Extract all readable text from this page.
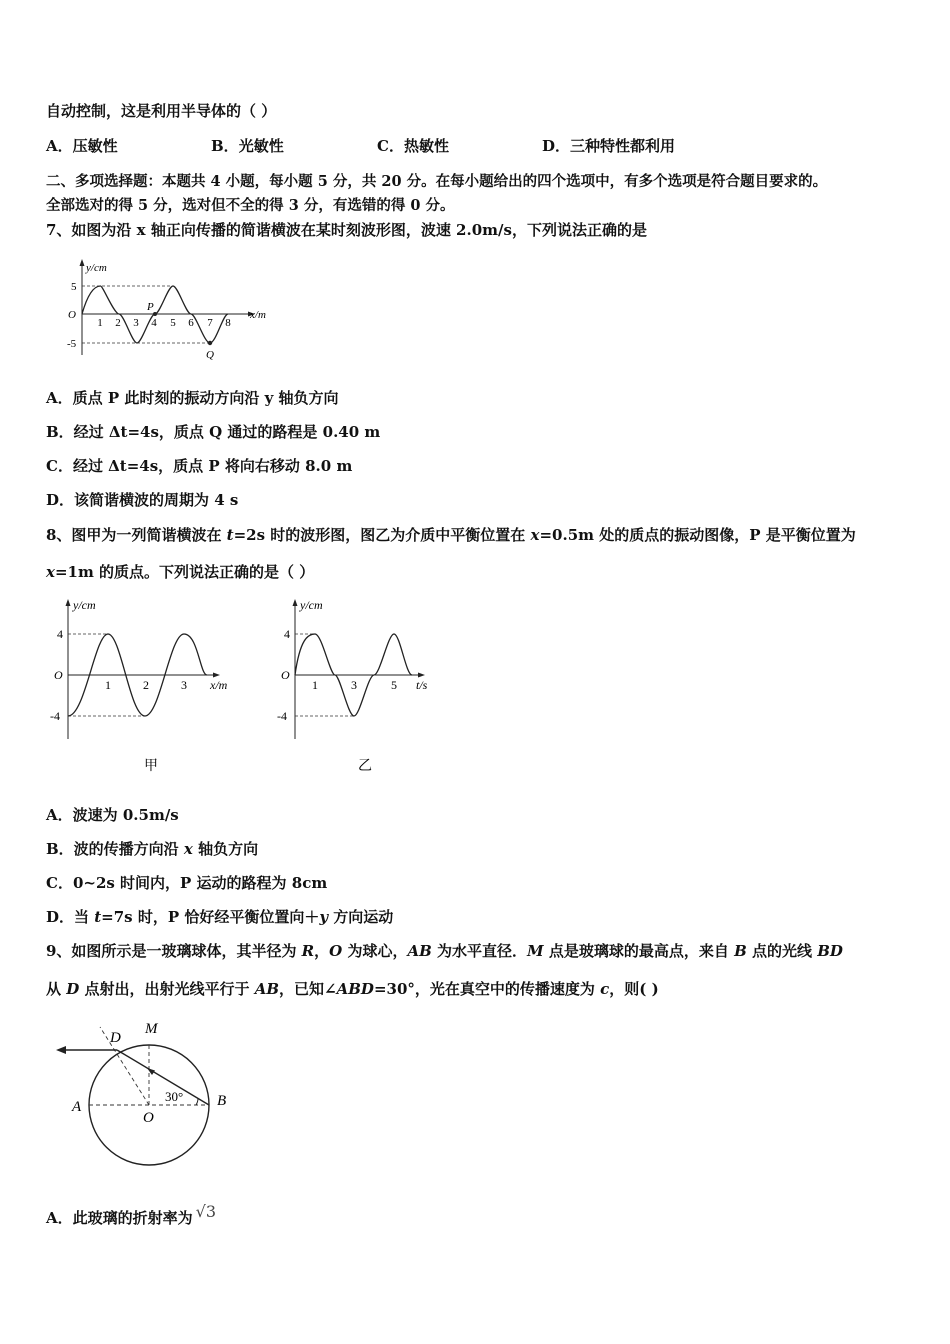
自动控制，这是利用半导体的（ ）
A．压敏性	B．光敏性	C．热敏性	D．三种特性都利用
二、多项选择题：本题共 4 小题，每小题 5 分，共 20 分。在每小题给出的四个选项中，有多个选项是符合题目要求的。
全部选对的得 5 分，选对但不全的得 3 分，有选错的得 0 分。
7、如图为沿 x 轴正向传播的简谐横波在某时刻波形图，波速 2.0m/s，下列说法正确的是
y/cm
x/m
5
-5
O
1 2 3 4 5 6 7 8
P
Q
A．质点 P 此时刻的振动方向沿 y 轴负方向
B．经过 Δt=4s，质点 Q 通过的路程是 0.40 m
C．经过 Δt=4s，质点 P 将向右移动 8.0 m
D．该简谐横波的周期为 4 s
8、图甲为一列简谐横波在 t=2s 时的波形图，图乙为介质中平衡位置在 x=0.5m 处的质点的振动图像，P 是平衡位置为
x=1m 的质点。下列说法正确的是（ ）
y/cm
x/m
4
-4
O
1	2	3
甲
y/cm
t/s
4
-4
O
1	3	5
乙
A．波速为 0.5m/s
B．波的传播方向沿 x 轴负方向
C．0~2s 时间内，P 运动的路程为 8cm
D．当 t=7s 时，P 恰好经平衡位置向＋y 方向运动
9、如图所示是一玻璃球体，其半径为 R，O 为球心，AB 为水平直径．M 点是玻璃球的最高点，来自 B 点的光线 BD
从 D 点射出，出射光线平行于 AB，已知∠ABD=30°，光在真空中的传播速度为 c，则( )
D
M
A
O
B
30°
A．此玻璃的折射率为 √3
